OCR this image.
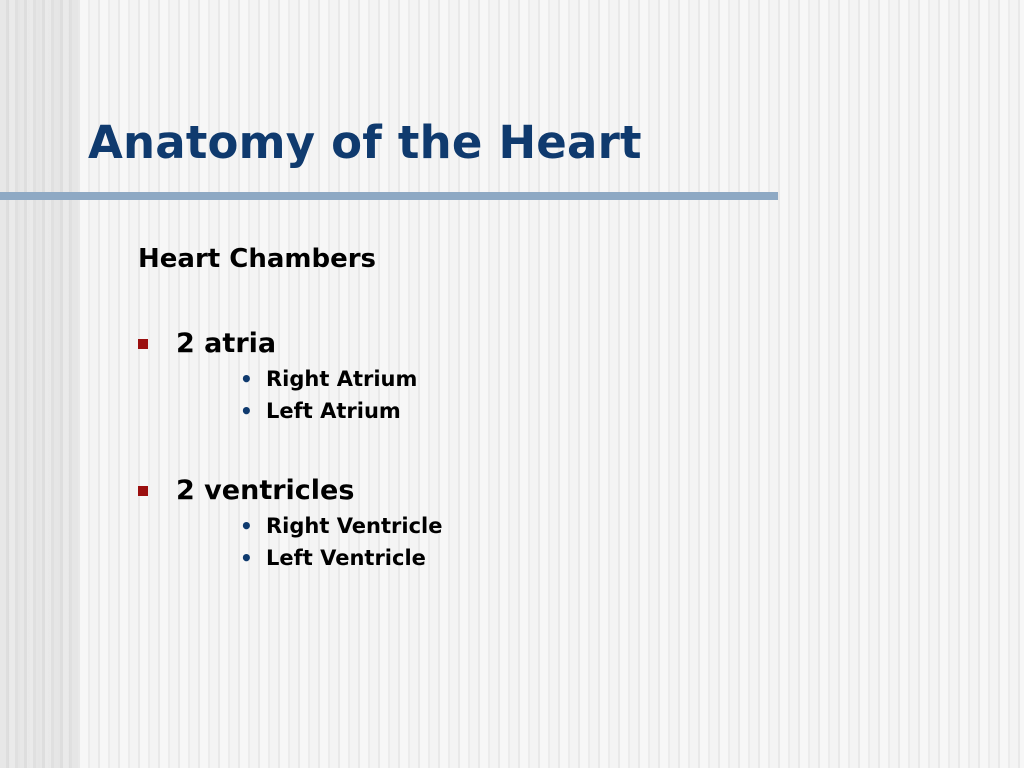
Anatomy of the Heart
Heart Chambers
2 atria
• Right Atrium
• Left Atrium
2 ventricles
• Right Ventricle
• Left Ventricle
